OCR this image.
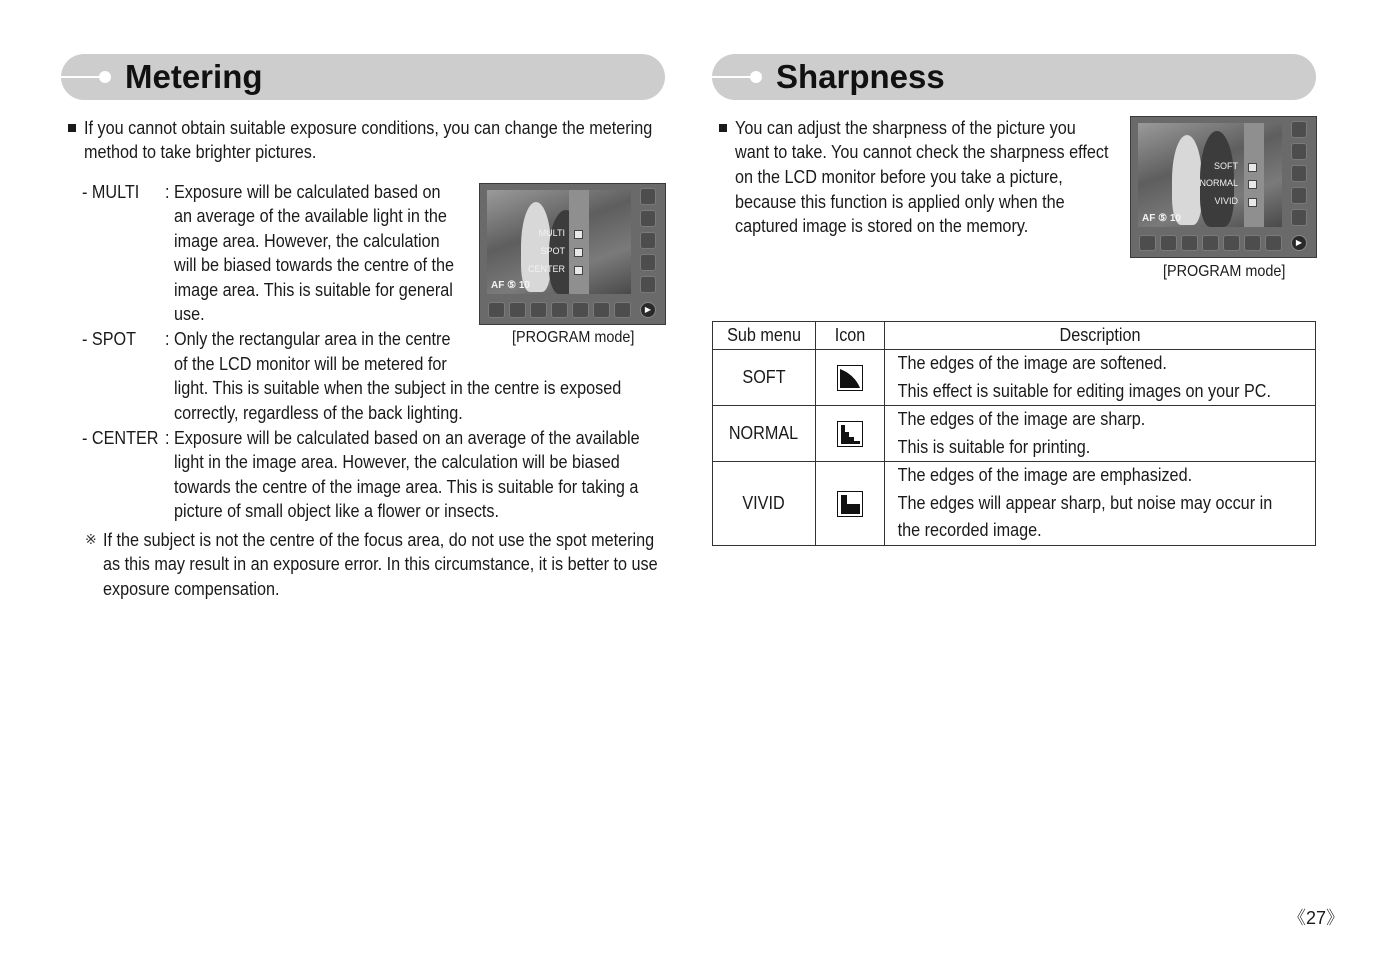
Metering
If you cannot obtain suitable exposure conditions, you can change the metering
method to take brighter pictures.
- MULTI : Exposure will be calculated based on
an average of the available light in the
image area. However, the calculation
will be biased towards the centre of the
image area. This is suitable for general
use.
- SPOT : Only the rectangular area in the centre
of the LCD monitor will be metered for
light. This is suitable when the subject in the centre is exposed
correctly, regardless of the back lighting.
- CENTER : Exposure will be calculated based on an average of the available
light in the image area. However, the calculation will be biased
towards the centre of the image area. This is suitable for taking a
picture of small object like a flower or insects.
※ If the subject is not the centre of the focus area, do not use the spot metering
as this may result in an exposure error. In this circumstance, it is better to use
exposure compensation.
MULTI
SPOT
CENTER
AF ⑤ 10
▶
[PROGRAM mode]
Sharpness
You can adjust the sharpness of the picture you
want to take. You cannot check the sharpness effect
on the LCD monitor before you take a picture,
because this function is applied only when the
captured image is stored on the memory.
SOFT
NORMAL
VIVID
AF ⑤ 10
▶
[PROGRAM mode]
Sub menu	Icon	Description
SOFT		The edges of the image are softened.
This effect is suitable for editing images on your PC.

NORMAL		The edges of the image are sharp.
This is suitable for printing.

VIVID		The edges of the image are emphasized.
The edges will appear sharp, but noise may occur in
the recorded image.
《27》
